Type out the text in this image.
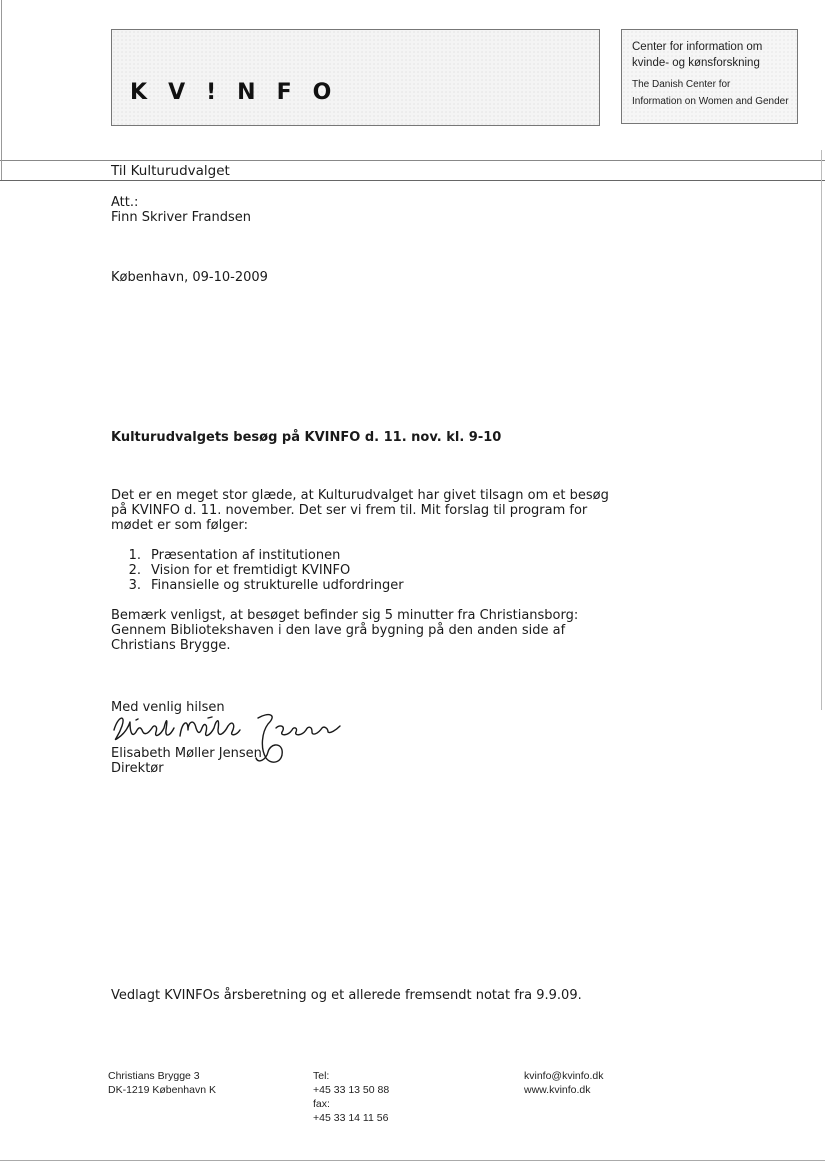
KV!NFO
Center for information om
kvinde- og kønsforskning
The Danish Center for
Information on Women and Gender
Til Kulturudvalget
Att.:
Finn Skriver Frandsen
København, 09-10-2009
Kulturudvalgets besøg på KVINFO d. 11. nov. kl. 9-10
Det er en meget stor glæde, at Kulturudvalget har givet tilsagn om et besøg
på KVINFO d. 11. november. Det ser vi frem til. Mit forslag til program for
mødet er som følger:
1. Præsentation af institutionen
2. Vision for et fremtidigt KVINFO
3. Finansielle og strukturelle udfordringer
Bemærk venligst, at besøget befinder sig 5 minutter fra Christiansborg:
Gennem Bibliotekshaven i den lave grå bygning på den anden side af
Christians Brygge.
Med venlig hilsen
Elisabeth Møller Jensen
Direktør
Vedlagt KVINFOs årsberetning og et allerede fremsendt notat fra 9.9.09.
Christians Brygge 3
DK-1219 København K
Tel:
+45 33 13 50 88
fax:
+45 33 14 11 56
kvinfo@kvinfo.dk
www.kvinfo.dk
